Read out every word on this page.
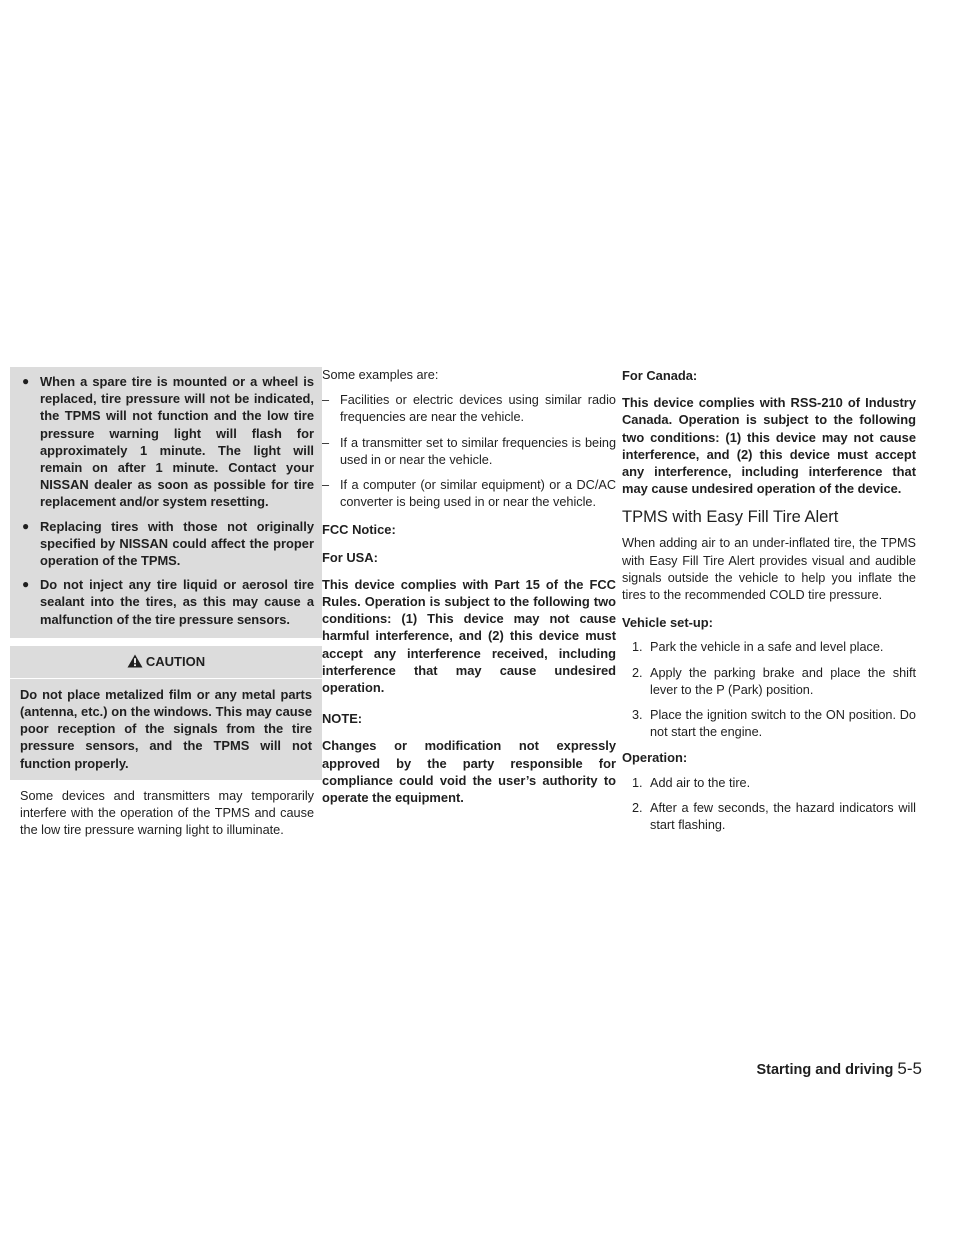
● When a spare tire is mounted or a wheel is replaced, tire pressure will not be indicated, the TPMS will not function and the low tire pressure warning light will flash for approximately 1 minute. The light will remain on after 1 minute. Contact your NISSAN dealer as soon as possible for tire replacement and/or system resetting.
● Replacing tires with those not originally specified by NISSAN could affect the proper operation of the TPMS.
● Do not inject any tire liquid or aerosol tire sealant into the tires, as this may cause a malfunction of the tire pressure sensors.
CAUTION
Do not place metalized film or any metal parts (antenna, etc.) on the windows. This may cause poor reception of the signals from the tire pressure sensors, and the TPMS will not function properly.

Some devices and transmitters may temporarily interfere with the operation of the TPMS and cause the low tire pressure warning light to illuminate.

Some examples are:

– Facilities or electric devices using similar radio frequencies are near the vehicle.
– If a transmitter set to similar frequencies is being used in or near the vehicle.
– If a computer (or similar equipment) or a DC/AC converter is being used in or near the vehicle.

FCC Notice:

For USA:

This device complies with Part 15 of the FCC Rules. Operation is subject to the following two conditions: (1) This device may not cause harmful interference, and (2) this device must accept any interference received, including interference that may cause undesired operation.

NOTE:

Changes or modification not expressly approved by the party responsible for compliance could void the user’s authority to operate the equipment.

For Canada:

This device complies with RSS-210 of Industry Canada. Operation is subject to the following two conditions: (1) this device may not cause interference, and (2) this device must accept any interference, including interference that may cause undesired operation of the device.

TPMS with Easy Fill Tire Alert

When adding air to an under-inflated tire, the TPMS with Easy Fill Tire Alert provides visual and audible signals outside the vehicle to help you inflate the tires to the recommended COLD tire pressure.

Vehicle set-up:

1. Park the vehicle in a safe and level place.
2. Apply the parking brake and place the shift lever to the P (Park) position.
3. Place the ignition switch to the ON position. Do not start the engine.

Operation:

1. Add air to the tire.
2. After a few seconds, the hazard indicators will start flashing.
Starting and driving 5-5
